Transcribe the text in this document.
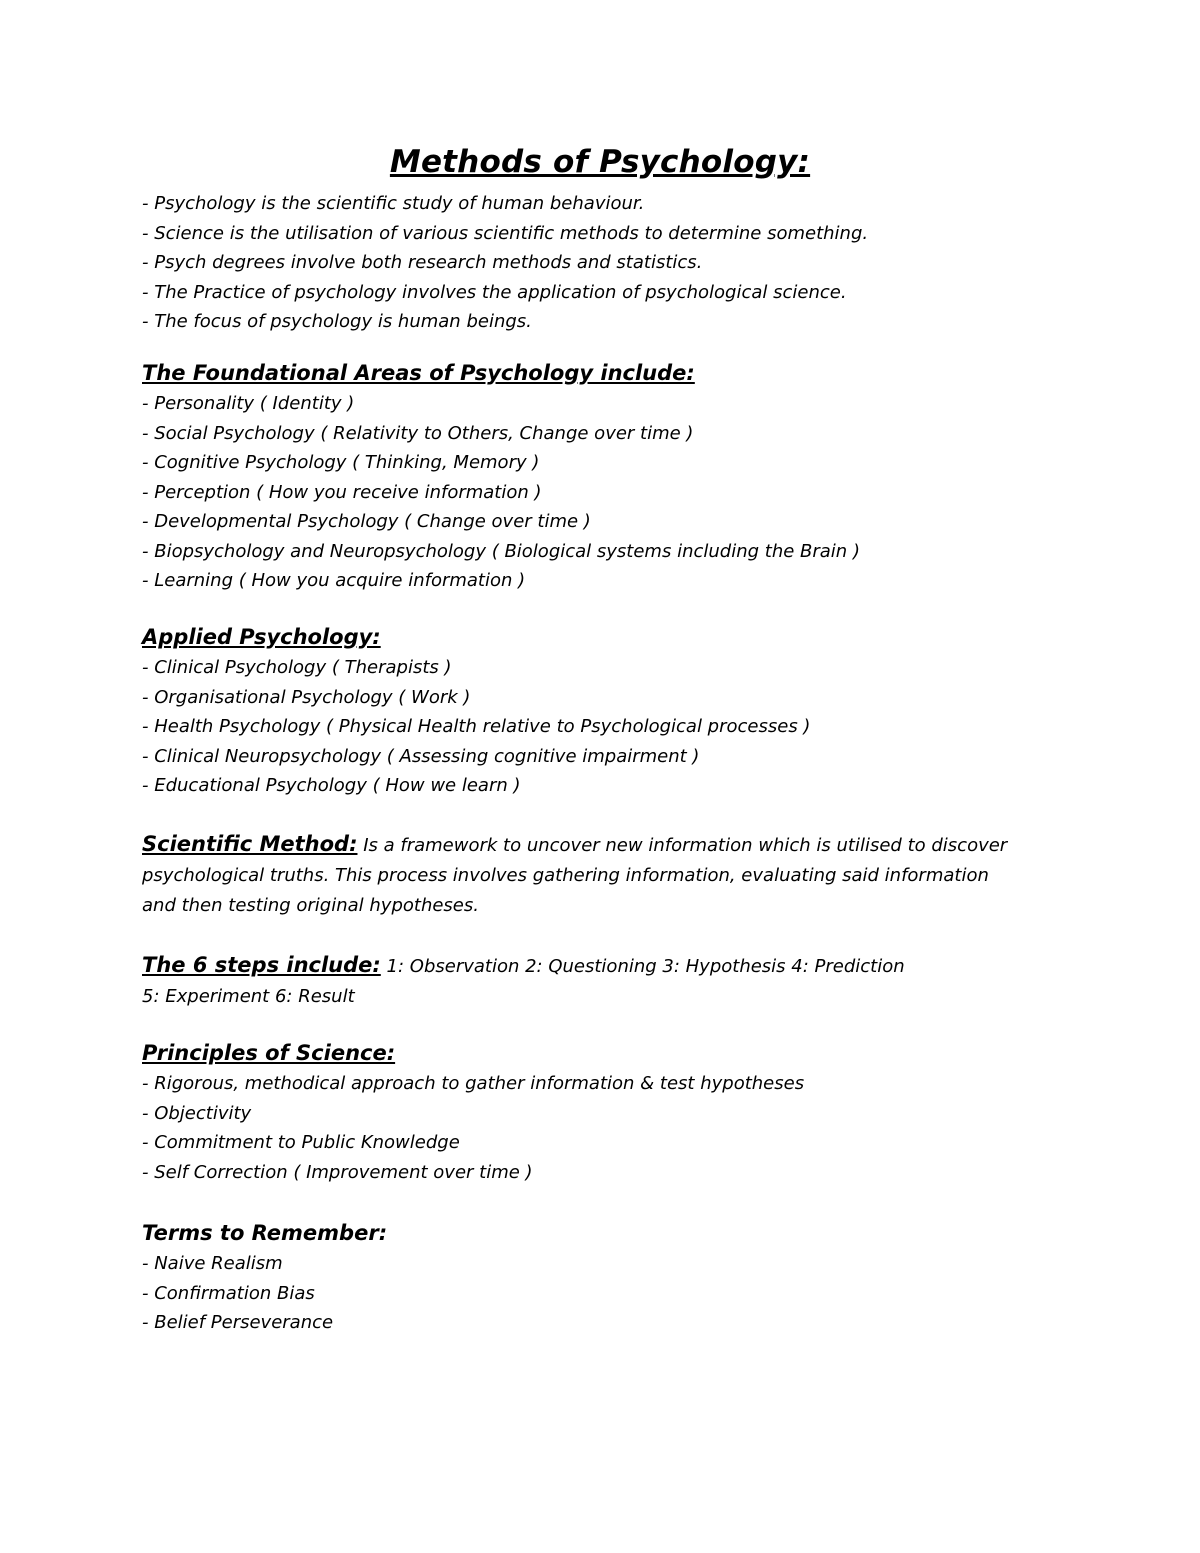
Methods of Psychology:
- Psychology is the scientific study of human behaviour.
- Science is the utilisation of various scientific methods to determine something.
- Psych degrees involve both research methods and statistics.
- The Practice of psychology involves the application of psychological science.
- The focus of psychology is human beings.
The Foundational Areas of Psychology include:
- Personality ( Identity )
- Social Psychology ( Relativity to Others, Change over time )
- Cognitive Psychology ( Thinking, Memory )
- Perception ( How you receive information )
- Developmental Psychology ( Change over time )
- Biopsychology and Neuropsychology ( Biological systems including the Brain )
- Learning ( How you acquire information )
Applied Psychology:
- Clinical Psychology ( Therapists )
- Organisational Psychology ( Work )
- Health Psychology ( Physical Health relative to Psychological processes )
- Clinical Neuropsychology ( Assessing cognitive impairment )
- Educational Psychology ( How we learn )
Scientific Method: Is a framework to uncover new information which is utilised to discover
psychological truths. This process involves gathering information, evaluating said information
and then testing original hypotheses.
The 6 steps include: 1: Observation 2: Questioning 3: Hypothesis 4: Prediction
5: Experiment 6: Result
Principles of Science:
- Rigorous, methodical approach to gather information & test hypotheses
- Objectivity
- Commitment to Public Knowledge
- Self Correction ( Improvement over time )
Terms to Remember:
- Naive Realism
- Confirmation Bias
- Belief Perseverance
